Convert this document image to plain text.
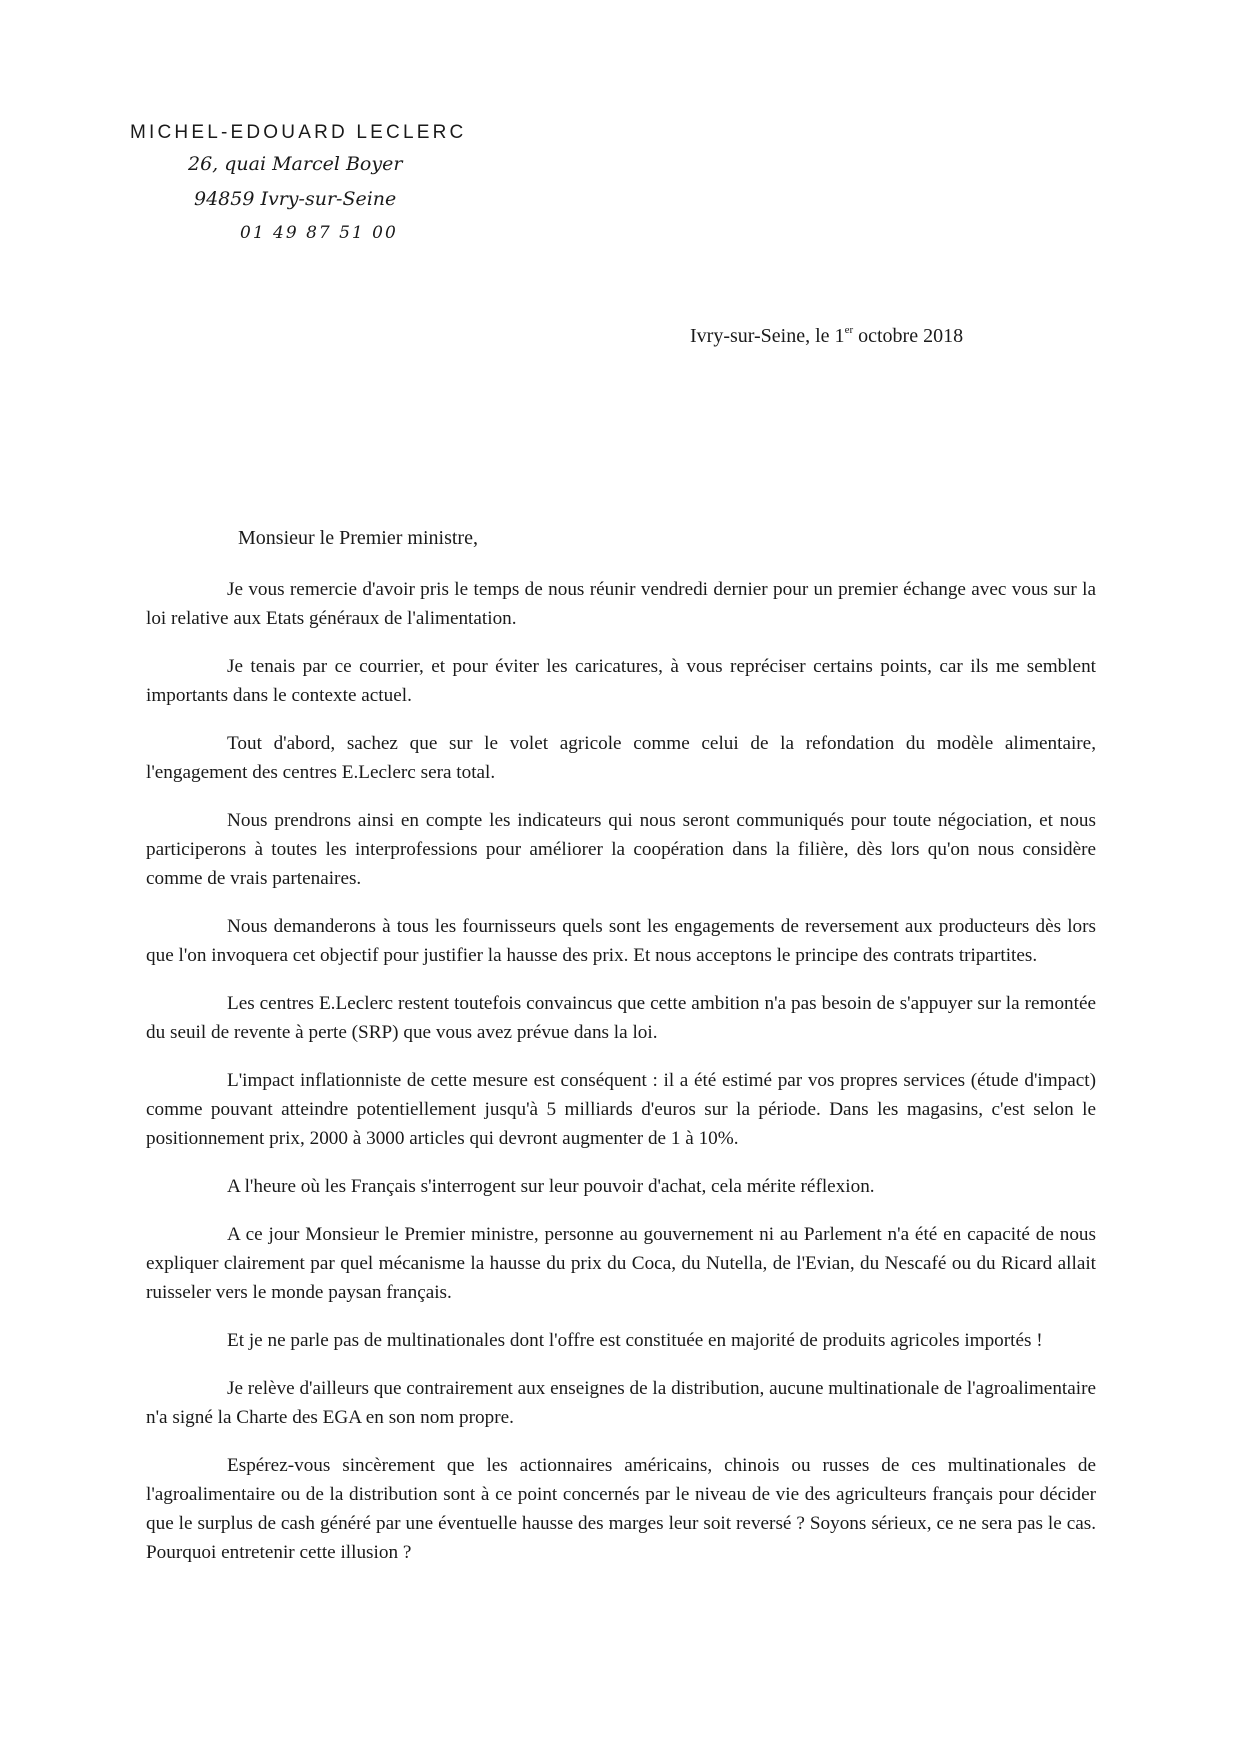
MICHEL-EDOUARD LECLERC
26, quai Marcel Boyer
94859 Ivry-sur-Seine
01 49 87 51 00
Ivry-sur-Seine, le 1er octobre 2018
Monsieur le Premier ministre,

Je vous remercie d'avoir pris le temps de nous réunir vendredi dernier pour un premier échange avec vous sur la loi relative aux Etats généraux de l'alimentation.

Je tenais par ce courrier, et pour éviter les caricatures, à vous repréciser certains points, car ils me semblent importants dans le contexte actuel.

Tout d'abord, sachez que sur le volet agricole comme celui de la refondation du modèle alimentaire, l'engagement des centres E.Leclerc sera total.

Nous prendrons ainsi en compte les indicateurs qui nous seront communiqués pour toute négociation, et nous participerons à toutes les interprofessions pour améliorer la coopération dans la filière, dès lors qu'on nous considère comme de vrais partenaires.

Nous demanderons à tous les fournisseurs quels sont les engagements de reversement aux producteurs dès lors que l'on invoquera cet objectif pour justifier la hausse des prix. Et nous acceptons le principe des contrats tripartites.

Les centres E.Leclerc restent toutefois convaincus que cette ambition n'a pas besoin de s'appuyer sur la remontée du seuil de revente à perte (SRP) que vous avez prévue dans la loi.

L'impact inflationniste de cette mesure est conséquent : il a été estimé par vos propres services (étude d'impact) comme pouvant atteindre potentiellement jusqu'à 5 milliards d'euros sur la période. Dans les magasins, c'est selon le positionnement prix, 2000 à 3000 articles qui devront augmenter de 1 à 10%.

A l'heure où les Français s'interrogent sur leur pouvoir d'achat, cela mérite réflexion.

A ce jour Monsieur le Premier ministre, personne au gouvernement ni au Parlement n'a été en capacité de nous expliquer clairement par quel mécanisme la hausse du prix du Coca, du Nutella, de l'Evian, du Nescafé ou du Ricard allait ruisseler vers le monde paysan français.

Et je ne parle pas de multinationales dont l'offre est constituée en majorité de produits agricoles importés !

Je relève d'ailleurs que contrairement aux enseignes de la distribution, aucune multinationale de l'agroalimentaire n'a signé la Charte des EGA en son nom propre.

Espérez-vous sincèrement que les actionnaires américains, chinois ou russes de ces multinationales de l'agroalimentaire ou de la distribution sont à ce point concernés par le niveau de vie des agriculteurs français pour décider que le surplus de cash généré par une éventuelle hausse des marges leur soit reversé ? Soyons sérieux, ce ne sera pas le cas. Pourquoi entretenir cette illusion ?
